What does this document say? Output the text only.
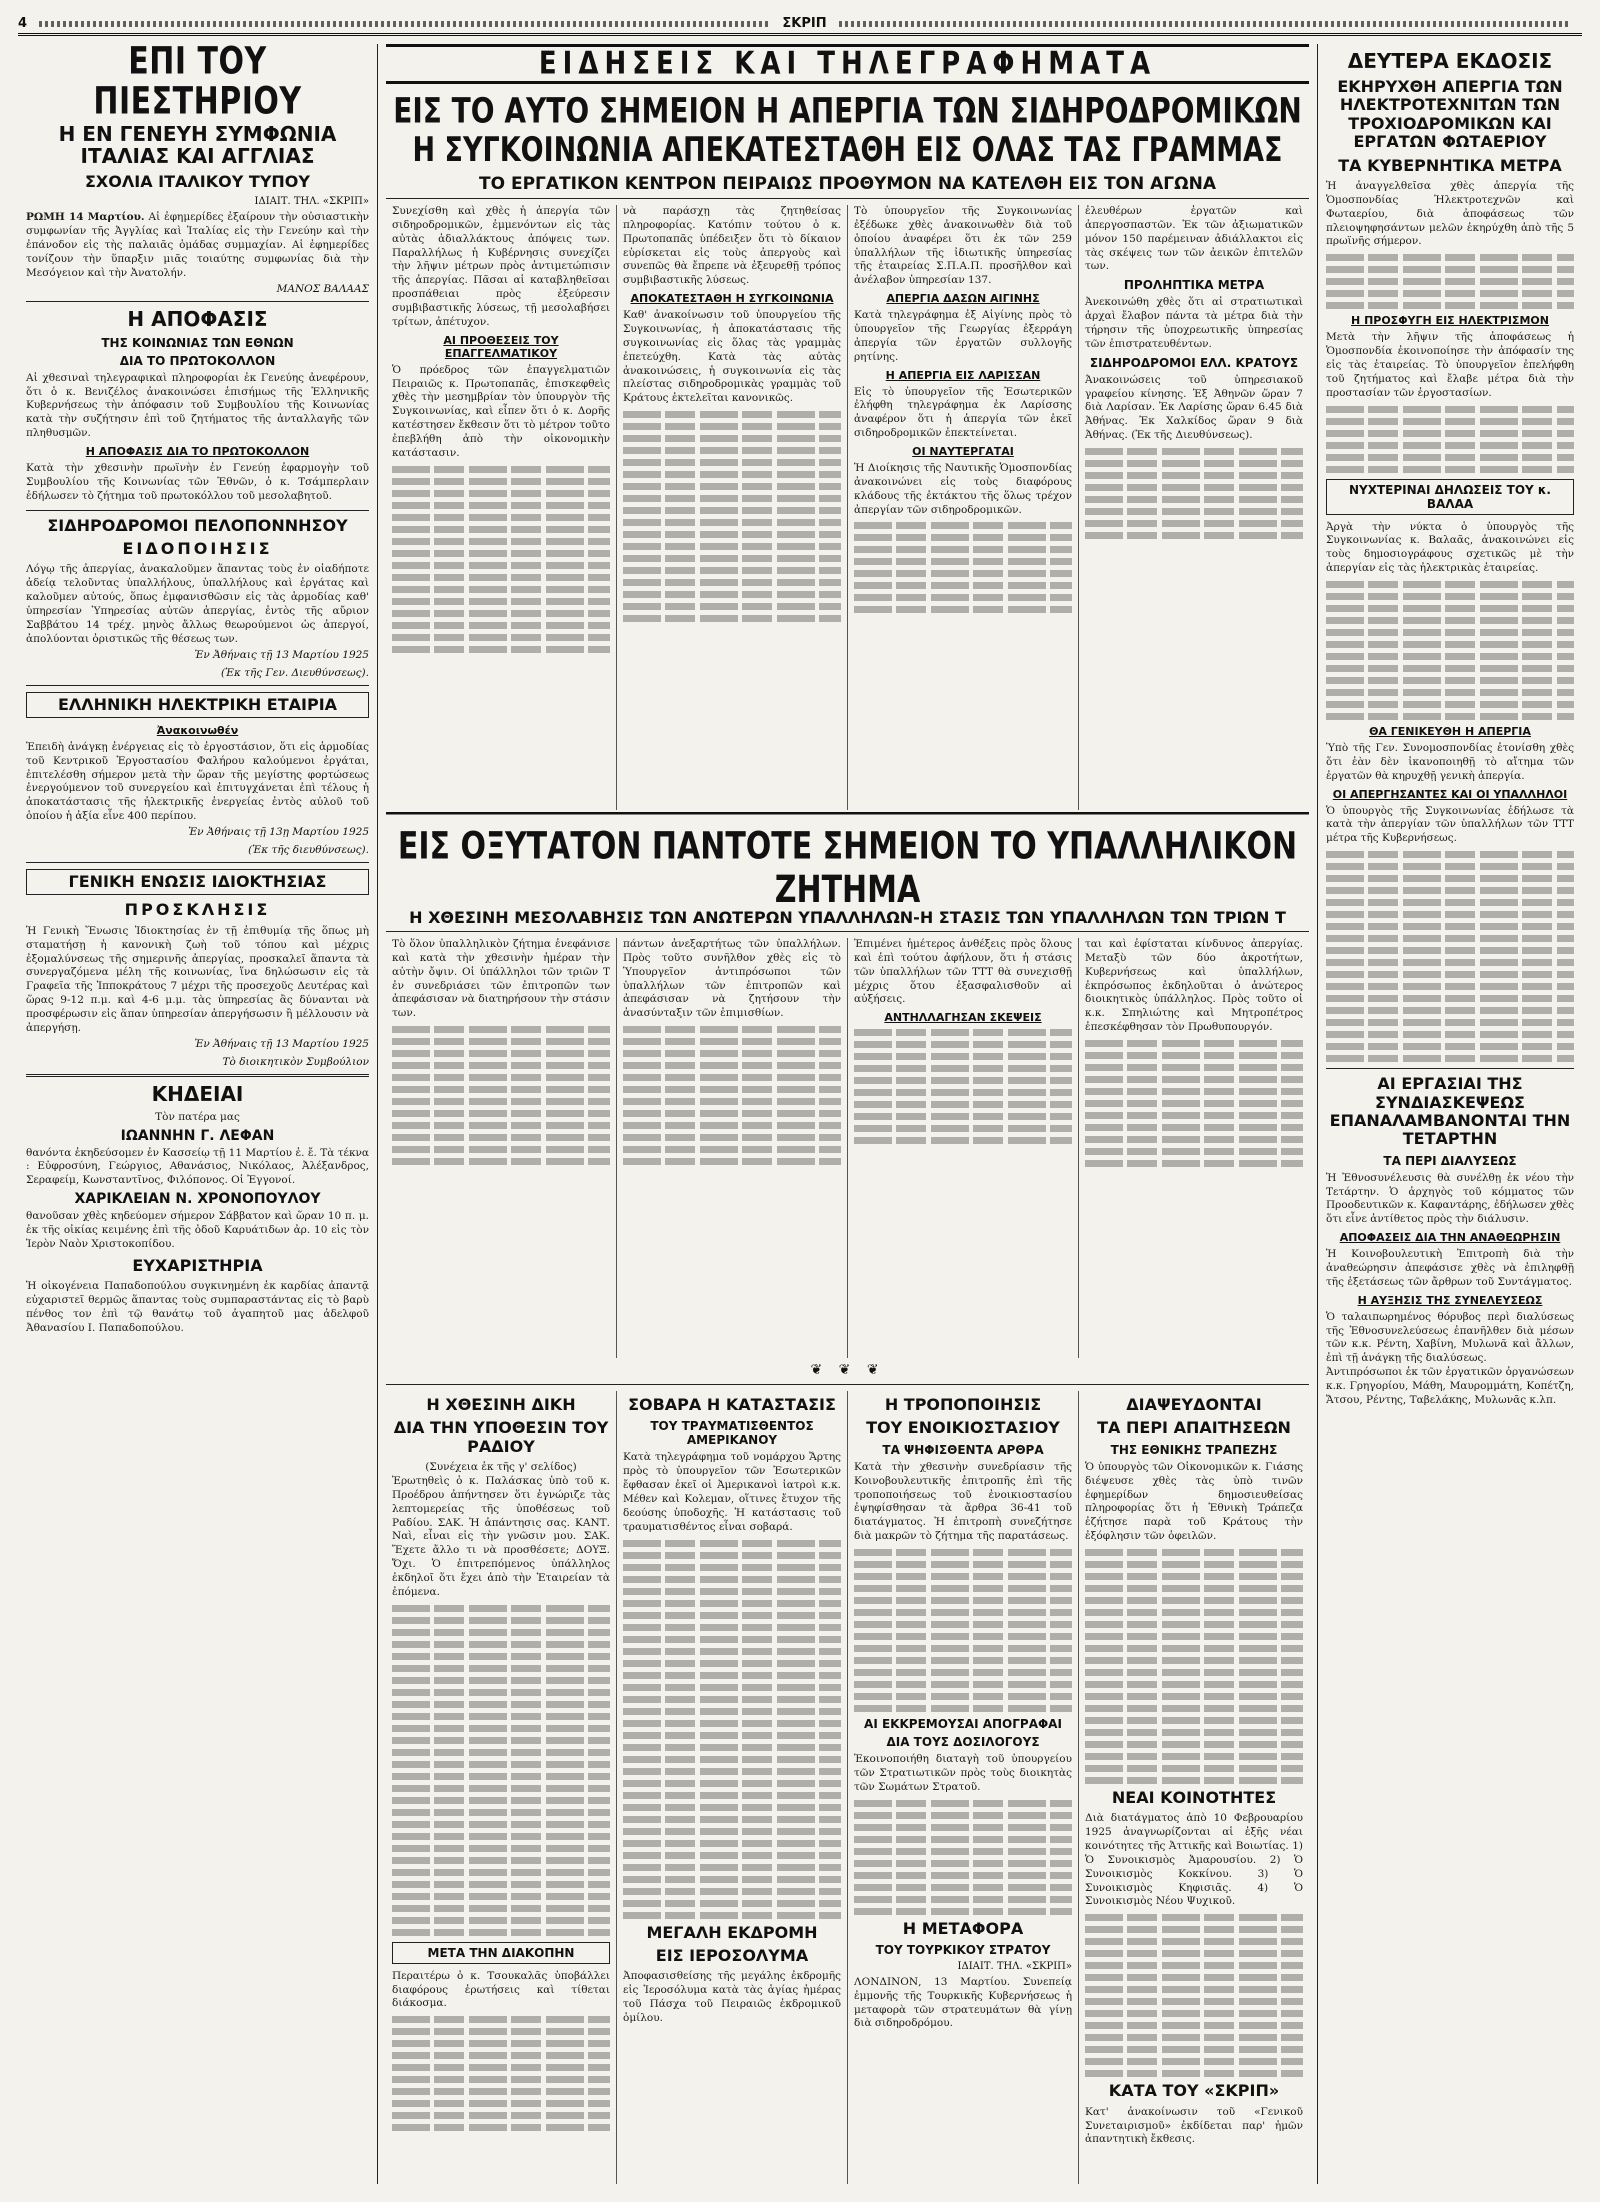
4	ΣΚΡΙΠ
ΕΠΙ ΤΟΥ ΠΙΕΣΤΗΡΙΟΥ
Η ΕΝ ΓΕΝΕΥΗ ΣΥΜΦΩΝΙΑ ΙΤΑΛΙΑΣ ΚΑΙ ΑΓΓΛΙΑΣ
ΣΧΟΛΙΑ ΙΤΑΛΙΚΟΥ ΤΥΠΟΥ
ΙΔΙΑΙΤ. ΤΗΛ. «ΣΚΡΙΠ»
ΡΩΜΗ 14 Μαρτίου. Αἱ ἐφημερίδες ἐξαίρουν τὴν οὐσιαστικὴν συμφωνίαν τῆς Ἀγγλίας καὶ Ἰταλίας εἰς τὴν Γενεύην καὶ τὴν ἐπάνοδον εἰς τὴς παλαιᾶς ὁμάδας συμμαχίαν. Αἱ ἐφημερίδες τονίζουν τὴν ὕπαρξιν μιᾶς τοιαύτης συμφωνίας διὰ τὴν Μεσόγειον καὶ τὴν Ἀνατολήν.
ΜΑΝΟΣ ΒΑΛΑΑΣ
Η ΑΠΟΦΑΣΙΣ
ΤΗΣ ΚΟΙΝΩΝΙΑΣ ΤΩΝ ΕΘΝΩΝ
ΔΙΑ ΤΟ ΠΡΩΤΟΚΟΛΛΟΝ
Αἱ χθεσιναὶ τηλεγραφικαὶ πληροφορίαι ἐκ Γενεύης ἀνεφέρουν, ὅτι ὁ κ. Βενιζέλος ἀνακοινώσει ἐπισήμως τῆς Ἑλληνικῆς Κυβερνήσεως τὴν ἀπόφασιν τοῦ Συμβουλίου τῆς Κοινωνίας κατὰ τὴν συζήτησιν ἐπὶ τοῦ ζητήματος τῆς ἀνταλλαγῆς τῶν πληθυσμῶν.
Η ΑΠΟΦΑΣΙΣ ΔΙΑ ΤΟ ΠΡΩΤΟΚΟΛΛΟΝ
Κατὰ τὴν χθεσινὴν πρωϊνὴν ἐν Γενεύῃ ἐφαρμογὴν τοῦ Συμβουλίου τῆς Κοινωνίας τῶν Ἐθνῶν, ὁ κ. Τσάμπερλαιν ἐδήλωσεν τὸ ζήτημα τοῦ πρωτοκόλλου τοῦ μεσολαβητοῦ.
ΣΙΔΗΡΟΔΡΟΜΟΙ ΠΕΛΟΠΟΝΝΗΣΟΥ
ΕΙΔΟΠΟΙΗΣΙΣ
Λόγῳ τῆς ἀπεργίας, ἀνακαλοῦμεν ἅπαντας τοὺς ἐν οἰαδήποτε ἀδείᾳ τελοῦντας ὑπαλλήλους, ὑπαλλήλους καὶ ἐργάτας καὶ καλοῦμεν αὐτούς, ὅπως ἐμφανισθῶσιν εἰς τὰς ἁρμοδίας καθ' ὑπηρεσίαν Ὑπηρεσίας αὐτῶν ἀπεργίας, ἐντὸς τῆς αὔριον Σαββάτου 14 τρέχ. μηνὸς ἄλλως θεωρούμενοι ὡς ἀπεργοί, ἀπολύονται ὁριστικῶς τῆς θέσεως των.
Ἐν Ἀθήναις τῇ 13 Μαρτίου 1925
(Ἐκ τῆς Γεν. Διευθύνσεως).
ΕΛΛΗΝΙΚΗ ΗΛΕΚΤΡΙΚΗ ΕΤΑΙΡΙΑ
Ἀνακοινωθέν
Ἐπειδὴ ἀνάγκῃ ἐνέργειας εἰς τὸ ἐργοστάσιον, ὅτι εἰς ἁρμοδίας τοῦ Κεντρικοῦ Ἐργοστασίου Φαλήρου καλούμενοι ἐργάται, ἐπιτελέσθη σήμερον μετὰ τὴν ὥραν τῆς μεγίστης φορτώσεως ἐνεργούμενον τοῦ συνεργείου καὶ ἐπιτυγχάνεται ἐπὶ τέλους ἡ ἀποκατάστασις τῆς ἠλεκτρικῆς ἐνεργείας ἐντὸς αὐλοῦ τοῦ ὁποίου ἡ ἀξία εἶνε 400 περίπου.
Ἐν Ἀθήναις τῇ 13ῃ Μαρτίου 1925
(Ἐκ τῆς διευθύνσεως).
ΓΕΝΙΚΗ ΕΝΩΣΙΣ ΙΔΙΟΚΤΗΣΙΑΣ
ΠΡΟΣΚΛΗΣΙΣ
Ἡ Γενικὴ Ἕνωσις Ἰδιοκτησίας ἐν τῇ ἐπιθυμίᾳ τῆς ὅπως μὴ σταματήσῃ ἡ κανονικὴ ζωὴ τοῦ τόπου καὶ μέχρις ἐξομαλύνσεως τῆς σημερινῆς ἀπεργίας, προσκαλεῖ ἅπαντα τὰ συνεργαζόμενα μέλη τῆς κοινωνίας, ἵνα δηλώσωσιν εἰς τὰ Γραφεῖα τῆς Ἱπποκράτους 7 μέχρι τῆς προσεχοῦς Δευτέρας καὶ ὥρας 9-12 π.μ. καὶ 4-6 μ.μ. τὰς ὑπηρεσίας ἂς δύνανται νὰ προσφέρωσιν εἰς ἅπαν ὑπηρεσίαν ἀπεργήσωσιν ἢ μέλλουσιν νὰ ἀπεργήσῃ.
Ἐν Ἀθήναις τῇ 13 Μαρτίου 1925
Τὸ διοικητικὸν Συμβούλιον
ΚΗΔΕΙΑΙ
Τὸν πατέρα μας
ΙΩΑΝΝΗΝ Γ. ΛΕΦΑΝ
θανόντα ἐκηδεύσομεν ἐν Κασσείῳ τῇ 11 Μαρτίου ἐ. ἔ. Τὰ τέκνα : Εὐφροσύνη, Γεώργιος, Αθανάσιος, Νικόλαος, Ἀλέξανδρος, Σεραφείμ, Κωνσταντῖνος, Φιλόπονος. Οἱ Ἐγγονοί.
ΧΑΡΙΚΛΕΙΑΝ Ν. ΧΡΟΝΟΠΟΥΛΟΥ
θανοῦσαν χθὲς κηδεύομεν σήμερον Σάββατον καὶ ὥραν 10 π. μ. ἐκ τῆς οἰκίας κειμένης ἐπὶ τῆς ὁδοῦ Καρυάτιδων ἀρ. 10 εἰς τὸν Ἱερὸν Ναὸν Χριστοκοπίδου.
ΕΥΧΑΡΙΣΤΗΡΙΑ
Ἡ οἰκογένεια Παπαδοπούλου συγκινημένη ἐκ καρδίας ἀπαντᾷ εὐχαριστεῖ θερμῶς ἅπαντας τοὺς συμπαραστάντας εἰς τὸ βαρὺ πένθος τον ἐπὶ τῷ θανάτῳ τοῦ ἀγαπητοῦ μας ἀδελφοῦ Ἀθανασίου Ι. Παπαδοπούλου.
ΕΙΔΗΣΕΙΣ ΚΑΙ ΤΗΛΕΓΡΑΦΗΜΑΤΑ
ΕΙΣ ΤΟ ΑΥΤΟ ΣΗΜΕΙΟΝ Η ΑΠΕΡΓΙΑ ΤΩΝ ΣΙΔΗΡΟΔΡΟΜΙΚΩΝ
Η ΣΥΓΚΟΙΝΩΝΙΑ ΑΠΕΚΑΤΕΣΤΑΘΗ ΕΙΣ ΟΛΑΣ ΤΑΣ ΓΡΑΜΜΑΣ
ΤΟ ΕΡΓΑΤΙΚΟΝ ΚΕΝΤΡΟΝ ΠΕΙΡΑΙΩΣ ΠΡΟΘΥΜΟΝ ΝΑ ΚΑΤΕΛΘΗ ΕΙΣ ΤΟΝ ΑΓΩΝΑ
Συνεχίσθη καὶ χθὲς ἡ ἀπεργία τῶν σιδηροδρομικῶν, ἐμμενόντων εἰς τὰς αὐτὰς ἀδιαλλάκτους ἀπόψεις των. Παραλλήλως ἡ Κυβέρνησις συνεχίζει τὴν λῆψιν μέτρων πρὸς ἀντιμετώπισιν τῆς ἀπεργίας. Πᾶσαι αἱ καταβληθεῖσαι προσπάθειαι πρὸς ἐξεύρεσιν συμβιβαστικῆς λύσεως, τῇ μεσολαβήσει τρίτων, ἀπέτυχον.
ΑΙ ΠΡΟΘΕΣΕΙΣ ΤΟΥ ΕΠΑΓΓΕΛΜΑΤΙΚΟΥ
Ὁ πρόεδρος τῶν ἐπαγγελματιῶν Πειραιῶς κ. Πρωτοπαπᾶς, ἐπισκεφθεὶς χθὲς τὴν μεσημβρίαν τὸν ὑπουργὸν τῆς Συγκοινωνίας, καὶ εἶπεν ὅτι ὁ κ. Δορῆς κατέστησεν ἔκθεσιν ὅτι τὸ μέτρον τοῦτο ἐπεβλήθη ἀπὸ τὴν οἰκονομικὴν κατάστασιν.
νὰ παράσχῃ τὰς ζητηθείσας πληροφορίας. Κατόπιν τούτου ὁ κ. Πρωτοπαπᾶς ὑπέδειξεν ὅτι τὸ δίκαιον εὑρίσκεται εἰς τοὺς ἀπεργοὺς καὶ συνεπῶς θὰ ἔπρεπε νὰ ἐξευρεθῇ τρόπος συμβιβαστικῆς λύσεως.
ΑΠΟΚΑΤΕΣΤΑΘΗ Η ΣΥΓΚΟΙΝΩΝΙΑ
Καθ' ἀνακοίνωσιν τοῦ ὑπουργείου τῆς Συγκοινωνίας, ἡ ἀποκατάστασις τῆς συγκοινωνίας εἰς ὅλας τὰς γραμμὰς ἐπετεύχθη. Κατὰ τὰς αὐτὰς ἀνακοινώσεις, ἡ συγκοινωνία εἰς τὰς πλείστας σιδηροδρομικὰς γραμμὰς τοῦ Κράτους ἐκτελεῖται κανονικῶς.
Τὸ ὑπουργεῖον τῆς Συγκοινωνίας ἐξέδωκε χθὲς ἀνακοινωθὲν διὰ τοῦ ὁποίου ἀναφέρει ὅτι ἐκ τῶν 259 ὑπαλλήλων τῆς ἰδιωτικῆς ὑπηρεσίας τῆς ἑταιρείας Σ.Π.Α.Π. προσῆλθον καὶ ἀνέλαβον ὑπηρεσίαν 137.
ΑΠΕΡΓΙΑ ΔΑΣΩΝ ΑΙΓΙΝΗΣ
Κατὰ τηλεγράφημα ἐξ Αἰγίνης πρὸς τὸ ὑπουργεῖον τῆς Γεωργίας ἐξερράγη ἀπεργία τῶν ἐργατῶν συλλογῆς ρητίνης.
Η ΑΠΕΡΓΙΑ ΕΙΣ ΛΑΡΙΣΣΑΝ
Εἰς τὸ ὑπουργεῖον τῆς Ἐσωτερικῶν ἐλήφθη τηλεγράφημα ἐκ Λαρίσσης ἀναφέρον ὅτι ἡ ἀπεργία τῶν ἐκεῖ σιδηροδρομικῶν ἐπεκτείνεται.
ΟΙ ΝΑΥΤΕΡΓΑΤΑΙ
Ἡ Διοίκησις τῆς Ναυτικῆς Ὁμοσπονδίας ἀνακοινώνει εἰς τοὺς διαφόρους κλάδους τῆς ἐκτάκτου τῆς ὅλως τρέχον ἀπεργίαν τῶν σιδηροδρομικῶν.
ἐλευθέρων ἐργατῶν καὶ ἀπεργοσπαστῶν. Ἐκ τῶν ἀξιωματικῶν μόνον 150 παρέμειναν ἀδιάλλακτοι εἰς τὰς σκέψεις των τῶν ἀεικῶν ἐπιτελῶν των.
ΠΡΟΛΗΠΤΙΚΑ ΜΕΤΡΑ
Ἀνεκοινώθη χθὲς ὅτι αἱ στρατιωτικαὶ ἀρχαὶ ἔλαβον πάντα τὰ μέτρα διὰ τὴν τήρησιν τῆς ὑποχρεωτικῆς ὑπηρεσίας τῶν ἐπιστρατευθέντων.
ΣΙΔΗΡΟΔΡΟΜΟΙ ΕΛΛ. ΚΡΑΤΟΥΣ
Ἀνακοινώσεις τοῦ ὑπηρεσιακοῦ γραφείου κίνησης. Ἐξ Ἀθηνῶν ὥραν 7 διὰ Λαρίσαν. Ἐκ Λαρίσης ὥραν 6.45 διὰ Ἀθήνας. Ἐκ Χαλκίδος ὥραν 9 διὰ Ἀθήνας. (Ἐκ τῆς Διευθύνσεως).
ΕΙΣ ΟΞΥΤΑΤΟΝ ΠΑΝΤΟΤΕ ΣΗΜΕΙΟΝ ΤΟ ΥΠΑΛΛΗΛΙΚΟΝ ΖΗΤΗΜΑ
Η ΧΘΕΣΙΝΗ ΜΕΣΟΛΑΒΗΣΙΣ ΤΩΝ ΑΝΩΤΕΡΩΝ ΥΠΑΛΛΗΛΩΝ-Η ΣΤΑΣΙΣ ΤΩΝ ΥΠΑΛΛΗΛΩΝ ΤΩΝ ΤΡΙΩΝ Τ
Τὸ ὅλον ὑπαλληλικὸν ζήτημα ἐνεφάνισε καὶ κατὰ τὴν χθεσινὴν ἡμέραν τὴν αὐτὴν ὄψιν. Οἱ ὑπάλληλοι τῶν τριῶν Τ ἐν συνεδριάσει τῶν ἐπιτροπῶν των ἀπεφάσισαν νὰ διατηρήσουν τὴν στάσιν των.
πάντων ἀνεξαρτήτως τῶν ὑπαλλήλων. Πρὸς τοῦτο συνῆλθον χθὲς εἰς τὸ Ὑπουργεῖον ἀντιπρόσωποι τῶν ὑπαλλήλων τῶν ἐπιτροπῶν καὶ ἀπεφάσισαν νὰ ζητήσουν τὴν ἀνασύνταξιν τῶν ἐπιμισθίων.
Ἐπιμένει ἡμέτερος ἀνθέξεις πρὸς ὅλους καὶ ἐπὶ τούτου ἀφήλουν, ὅτι ἡ στάσις τῶν ὑπαλλήλων τῶν ΤΤΤ θὰ συνεχισθῇ μέχρις ὅτου ἐξασφαλισθοῦν αἱ αὐξήσεις.
ΑΝΤΗΛΛΑΓΗΣΑΝ ΣΚΕΨΕΙΣ
ται καὶ ἐφίσταται κίνδυνος ἀπεργίας. Μεταξὺ τῶν δύο ἀκροτήτων, Κυβερνήσεως καὶ ὑπαλλήλων, ἐκπρόσωπος ἐκδηλοῦται ὁ ἀνώτερος διοικητικὸς ὑπάλληλος. Πρὸς τοῦτο οἱ κ.κ. Σπηλιώτης καὶ Μητροπέτρος ἐπεσκέφθησαν τὸν Πρωθυπουργόν.
❦ ❦ ❦
Η ΧΘΕΣΙΝΗ ΔΙΚΗ
ΔΙΑ ΤΗΝ ΥΠΟΘΕΣΙΝ ΤΟΥ ΡΑΔΙΟΥ
(Συνέχεια ἐκ τῆς γ' σελίδος)
Ἐρωτηθεὶς ὁ κ. Παλάσκας ὑπὸ τοῦ κ. Προέδρου ἀπήντησεν ὅτι ἐγνώριζε τὰς λεπτομερείας τῆς ὑποθέσεως τοῦ Ραδίου. ΣΑΚ. Ἡ ἀπάντησις σας. ΚΑΝΤ. Ναὶ, εἶναι εἰς τὴν γνῶσιν μου. ΣΑΚ. Ἔχετε ἄλλο τι νὰ προσθέσετε; ΔΟΥΞ. Ὄχι. Ὁ ἐπιτρεπόμενος ὑπάλληλος ἐκδηλοῖ ὅτι ἔχει ἀπὸ τὴν Ἐταιρείαν τὰ ἐπόμενα.
ΜΕΤΑ ΤΗΝ ΔΙΑΚΟΠΗΝ
Περαιτέρω ὁ κ. Τσουκαλᾶς ὑποβάλλει διαφόρους ἐρωτήσεις καὶ τίθεται διάκοσμα.
ΣΟΒΑΡΑ Η ΚΑΤΑΣΤΑΣΙΣ
ΤΟΥ ΤΡΑΥΜΑΤΙΣΘΕΝΤΟΣ ΑΜΕΡΙΚΑΝΟΥ
Κατὰ τηλεγράφημα τοῦ νομάρχου Ἄρτης πρὸς τὸ ὑπουργεῖον τῶν Ἐσωτερικῶν ἔφθασαν ἐκεῖ οἱ Ἀμερικανοὶ ἰατροὶ κ.κ. Μέθεν καὶ Κολεμαν, οἵτινες ἔτυχον τῆς δεούσης ὑποδοχῆς. Ἡ κατάστασις τοῦ τραυματισθέντος εἶναι σοβαρά.
ΜΕΓΑΛΗ ΕΚΔΡΟΜΗ
ΕΙΣ ΙΕΡΟΣΟΛΥΜΑ
Ἀποφασισθείσης τῆς μεγάλης ἐκδρομῆς εἰς Ἱεροσόλυμα κατὰ τὰς ἁγίας ἡμέρας τοῦ Πάσχα τοῦ Πειραιῶς ἐκδρομικοῦ ὁμίλου.
Η ΤΡΟΠΟΠΟΙΗΣΙΣ
ΤΟΥ ΕΝΟΙΚΙΟΣΤΑΣΙΟΥ
ΤΑ ΨΗΦΙΣΘΕΝΤΑ ΑΡΘΡΑ
Κατὰ τὴν χθεσινὴν συνεδρίασιν τῆς Κοινοβουλευτικῆς ἐπιτροπῆς ἐπὶ τῆς τροποποιήσεως τοῦ ἐνοικιοστασίου ἐψηφίσθησαν τὰ ἄρθρα 36-41 τοῦ διατάγματος. Ἡ ἐπιτροπὴ συνεζήτησε διὰ μακρῶν τὸ ζήτημα τῆς παρατάσεως.
ΑΙ ΕΚΚΡΕΜΟΥΣΑΙ ΑΠΟΓΡΑΦΑΙ
ΔΙΑ ΤΟΥΣ ΔΟΣΙΛΟΓΟΥΣ
Ἐκοινοποιήθη διαταγὴ τοῦ ὑπουργείου τῶν Στρατιωτικῶν πρὸς τοὺς διοικητὰς τῶν Σωμάτων Στρατοῦ.
Η ΜΕΤΑΦΟΡΑ
ΤΟΥ ΤΟΥΡΚΙΚΟΥ ΣΤΡΑΤΟΥ
ΙΔΙΑΙΤ. ΤΗΛ. «ΣΚΡΙΠ»
ΛΟΝΔΙΝΟΝ, 13 Μαρτίου. Συνεπείᾳ ἐμμονῆς τῆς Τουρκικῆς Κυβερνήσεως ἡ μεταφορὰ τῶν στρατευμάτων θὰ γίνῃ διὰ σιδηροδρόμου.
ΔΙΑΨΕΥΔΟΝΤΑΙ
ΤΑ ΠΕΡΙ ΑΠΑΙΤΗΣΕΩΝ
ΤΗΣ ΕΘΝΙΚΗΣ ΤΡΑΠΕΖΗΣ
Ὁ ὑπουργὸς τῶν Οἰκονομικῶν κ. Γιάσης διέψευσε χθὲς τὰς ὑπὸ τινῶν ἐφημερίδων δημοσιευθείσας πληροφορίας ὅτι ἡ Ἐθνικὴ Τράπεζα ἐζήτησε παρὰ τοῦ Κράτους τὴν ἐξόφλησιν τῶν ὀφειλῶν.
ΝΕΑΙ ΚΟΙΝΟΤΗΤΕΣ
Διὰ διατάγματος ἀπὸ 10 Φεβρουαρίου 1925 ἀναγνωρίζονται αἱ ἑξῆς νέαι κοινότητες τῆς Ἀττικῆς καὶ Βοιωτίας. 1) Ὁ Συνοικισμὸς Ἀμαρουσίου. 2) Ὁ Συνοικισμὸς Κοκκίνου. 3) Ὁ Συνοικισμὸς Κηφισιᾶς. 4) Ὁ Συνοικισμὸς Νέου Ψυχικοῦ.
ΚΑΤΑ ΤΟΥ «ΣΚΡΙΠ»
Κατ' ἀνακοίνωσιν τοῦ «Γενικοῦ Συνεταιρισμοῦ» ἐκδίδεται παρ' ἡμῶν ἀπαντητικὴ ἔκθεσις.
ΔΕΥΤΕΡΑ ΕΚΔΟΣΙΣ
ΕΚΗΡΥΧΘΗ ΑΠΕΡΓΙΑ ΤΩΝ ΗΛΕΚΤΡΟΤΕΧΝΙΤΩΝ ΤΩΝ ΤΡΟΧΙΟΔΡΟΜΙΚΩΝ ΚΑΙ ΕΡΓΑΤΩΝ ΦΩΤΑΕΡΙΟΥ
ΤΑ ΚΥΒΕΡΝΗΤΙΚΑ ΜΕΤΡΑ
Ἡ ἀναγγελθεῖσα χθὲς ἀπεργία τῆς Ὁμοσπονδίας Ἠλεκτροτεχνῶν καὶ Φωταερίου, διὰ ἀποφάσεως τῶν πλειοψηφησάντων μελῶν ἐκηρύχθη ἀπὸ τῆς 5 πρωϊνῆς σήμερον.
Η ΠΡΟΣΦΥΓΗ ΕΙΣ ΗΛΕΚΤΡΙΣΜΟΝ
Μετὰ τὴν λῆψιν τῆς ἀποφάσεως ἡ Ὁμοσπονδία ἐκοινοποίησε τὴν ἀπόφασίν της εἰς τὰς ἑταιρείας. Τὸ ὑπουργεῖον ἐπελήφθη τοῦ ζητήματος καὶ ἔλαβε μέτρα διὰ τὴν προστασίαν τῶν ἐργοστασίων.
ΝΥΧΤΕΡΙΝΑΙ ΔΗΛΩΣΕΙΣ ΤΟΥ κ. ΒΑΛΑΑ
Ἀργὰ τὴν νύκτα ὁ ὑπουργὸς τῆς Συγκοινωνίας κ. Βαλαᾶς, ἀνακοινώνει εἰς τοὺς δημοσιογράφους σχετικῶς μὲ τὴν ἀπεργίαν εἰς τὰς ἠλεκτρικὰς ἑταιρείας.
ΘΑ ΓΕΝΙΚΕΥΘΗ Η ΑΠΕΡΓΙΑ
Ὑπὸ τῆς Γεν. Συνομοσπονδίας ἐτονίσθη χθὲς ὅτι ἐὰν δὲν ἱκανοποιηθῇ τὸ αἴτημα τῶν ἐργατῶν θὰ κηρυχθῇ γενικὴ ἀπεργία.
ΟΙ ΑΠΕΡΓΗΣΑΝΤΕΣ ΚΑΙ ΟΙ ΥΠΑΛΛΗΛΟΙ
Ὁ ὑπουργὸς τῆς Συγκοινωνίας ἐδήλωσε τὰ κατὰ τὴν ἀπεργίαν τῶν ὑπαλλήλων τῶν ΤΤΤ μέτρα τῆς Κυβερνήσεως.
ΑΙ ΕΡΓΑΣΙΑΙ ΤΗΣ ΣΥΝΔΙΑΣΚΕΨΕΩΣ ΕΠΑΝΑΛΑΜΒΑΝΟΝΤΑΙ ΤΗΝ ΤΕΤΑΡΤΗΝ
ΤΑ ΠΕΡΙ ΔΙΑΛΥΣΕΩΣ
Ἡ Ἐθνοσυνέλευσις θὰ συνέλθῃ ἐκ νέου τὴν Τετάρτην. Ὁ ἀρχηγὸς τοῦ κόμματος τῶν Προοδευτικῶν κ. Καφαντάρης, ἐδήλωσεν χθὲς ὅτι εἶνε ἀντίθετος πρὸς τὴν διάλυσιν.
ΑΠΟΦΑΣΕΙΣ ΔΙΑ ΤΗΝ ΑΝΑΘΕΩΡΗΣΙΝ
Ἡ Κοινοβουλευτικὴ Ἐπιτροπὴ διὰ τὴν ἀναθεώρησιν ἀπεφάσισε χθὲς νὰ ἐπιληφθῇ τῆς ἐξετάσεως τῶν ἄρθρων τοῦ Συντάγματος.
Η ΑΥΞΗΣΙΣ ΤΗΣ ΣΥΝΕΛΕΥΣΕΩΣ
Ὁ ταλαιπωρημένος θόρυβος περὶ διαλύσεως τῆς Ἐθνοσυνελεύσεως ἐπανῆλθεν διὰ μέσων τῶν κ.κ. Ρέντη, Χαβίνη, Μυλωνᾶ καὶ ἄλλων, ἐπὶ τῇ ἀνάγκῃ τῆς διαλύσεως.
Ἀντιπρόσωποι ἐκ τῶν ἐργατικῶν ὀργανώσεων κ.κ. Γρηγορίου, Μάθη, Μαυρομμάτη, Κοπέτζη, Ἄτσου, Ρέντης, Ταβελάκης, Μυλωνᾶς κ.λπ.
